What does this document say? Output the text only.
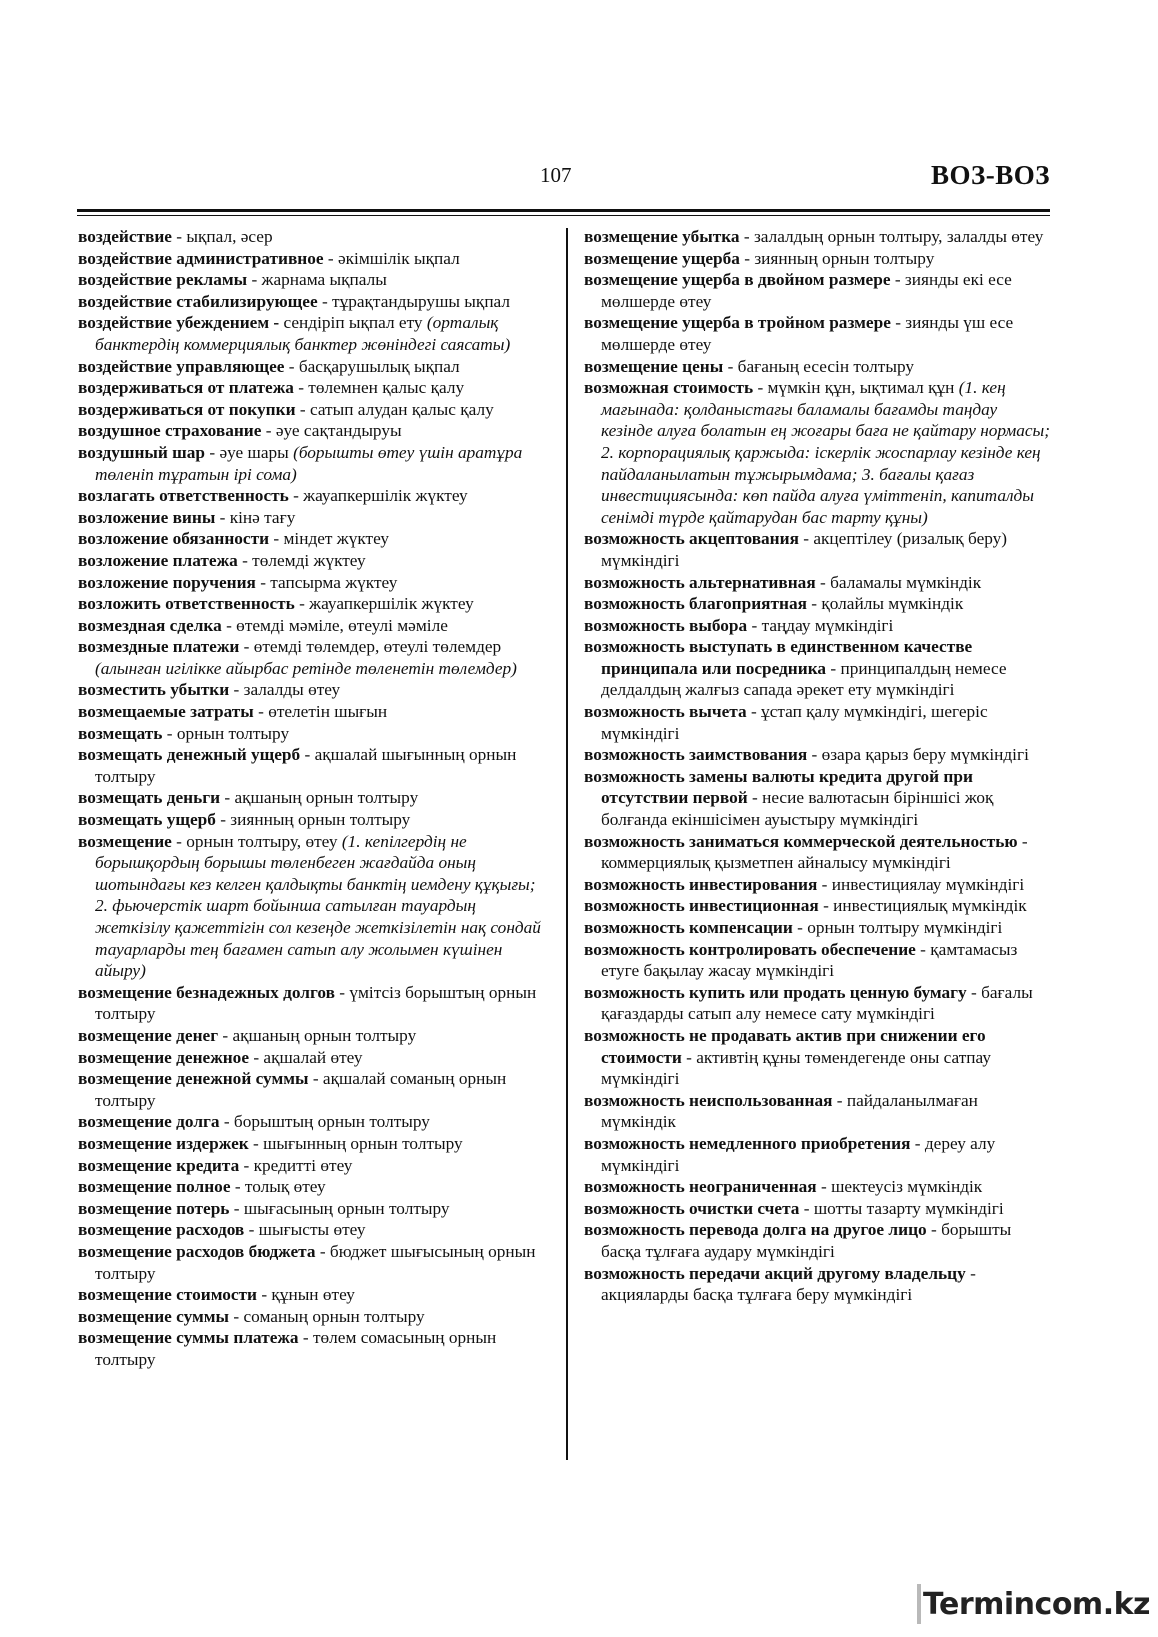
107	ВОЗ-ВОЗ

воздействие - ықпал, әсер

воздействие административное - әкімшілік ықпал

воздействие рекламы - жарнама ықпалы

воздействие стабилизирующее - тұрақтандырушы ықпал

воздействие убеждением - сендіріп ықпал ету (орталық банктердің коммерциялық банктер жөніндегі саясаты)

воздействие управляющее - басқарушылық ықпал

воздерживаться от платежа - төлемнен қалыс қалу

воздерживаться от покупки - сатып алудан қалыс қалу

воздушное страхование - әуе сақтандыруы

воздушный шар - әуе шары (борышты өтеу үшін аратұра төленіп тұратын ірі сома)

возлагать ответственность - жауапкершілік жүктеу

возложение вины - кінә тағу

возложение обязанности - міндет жүктеу

возложение платежа - төлемді жүктеу

возложение поручения - тапсырма жүктеу

возложить ответственность - жауапкершілік жүктеу

возмездная сделка - өтемді мәміле, өтеулі мәміле

возмездные платежи - өтемді төлемдер, өтеулі төлемдер (алынған игілікке айырбас ретінде төленетін төлемдер)

возместить убытки - залалды өтеу

возмещаемые затраты - өтелетін шығын

возмещать - орнын толтыру

возмещать денежный ущерб - ақшалай шығынның орнын толтыру

возмещать деньги - ақшаның орнын толтыру

возмещать ущерб - зиянның орнын толтыру

возмещение - орнын толтыру, өтеу (1. кепілгердің не борышқордың борышы төленбеген жағдайда оның шотындағы кез келген қалдықты банктің иемдену құқығы; 2. фьючерстік шарт бойынша сатылған тауардың жеткізілу қажеттігін сол кезеңде жеткізілетін нақ сондай тауарларды тең бағамен сатып алу жолымен күшінен айыру)

возмещение безнадежных долгов - үмітсіз борыштың орнын толтыру

возмещение денег - ақшаның орнын толтыру

возмещение денежное - ақшалай өтеу

возмещение денежной суммы - ақшалай соманың орнын толтыру

возмещение долга - борыштың орнын толтыру

возмещение издержек - шығынның орнын толтыру

возмещение кредита - кредитті өтеу

возмещение полное - толық өтеу

возмещение потерь - шығасының орнын толтыру

возмещение расходов - шығысты өтеу

возмещение расходов бюджета - бюджет шығысының орнын толтыру

возмещение стоимости - құнын өтеу

возмещение суммы - соманың орнын толтыру

возмещение суммы платежа - төлем сомасының орнын толтыру

возмещение убытка - залалдың орнын толтыру, залалды өтеу

возмещение ущерба - зиянның орнын толтыру

возмещение ущерба в двойном размере - зиянды екі есе мөлшерде өтеу

возмещение ущерба в тройном размере - зиянды үш есе мөлшерде өтеу

возмещение цены - бағаның есесін толтыру

возможная стоимость - мүмкін құн, ықтимал құн (1. кең мағынада: қолданыстағы баламалы бағамды таңдау кезінде алуға болатын ең жоғары баға не қайтару нормасы; 2. корпорациялық қаржыда: іскерлік жоспарлау кезінде кең пайдаланылатын тұжырымдама; 3. бағалы қағаз инвестициясында: көп пайда алуға үміттеніп, капиталды сенімді түрде қайтарудан бас тарту құны)

возможность акцептования - акцептілеу (ризалық беру) мүмкіндігі

возможность альтернативная - баламалы мүмкіндік

возможность благоприятная - қолайлы мүмкіндік

возможность выбора - таңдау мүмкіндігі

возможность выступать в единственном качестве принципала или посредника - принципалдың немесе делдалдың жалғыз сапада әрекет ету мүмкіндігі

возможность вычета - ұстап қалу мүмкіндігі, шегеріс мүмкіндігі

возможность заимствования - өзара қарыз беру мүмкіндігі

возможность замены валюты кредита другой при отсутствии первой - несие валютасын біріншісі жоқ болғанда екіншісімен ауыстыру мүмкіндігі

возможность заниматься коммерческой деятельностью - коммерциялық қызметпен айналысу мүмкіндігі

возможность инвестирования - инвестициялау мүмкіндігі

возможность инвестиционная - инвестициялық мүмкіндік

возможность компенсации - орнын толтыру мүмкіндігі

возможность контролировать обеспечение - қамтамасыз етуге бақылау жасау мүмкіндігі

возможность купить или продать ценную бумагу - бағалы қағаздарды сатып алу немесе сату мүмкіндігі

возможность не продавать актив при снижении его стоимости - активтің құны төмендегенде оны сатпау мүмкіндігі

возможность неиспользованная - пайдаланылмаған мүмкіндік

возможность немедленного приобретения - дереу алу мүмкіндігі

возможность неограниченная - шектеусіз мүмкіндік

возможность очистки счета - шотты тазарту мүмкіндігі

возможность перевода долга на другое лицо - борышты басқа тұлғаға аудару мүмкіндігі

возможность передачи акций другому владельцу - акцияларды басқа тұлғаға беру мүмкіндігі

Termincom.kz
